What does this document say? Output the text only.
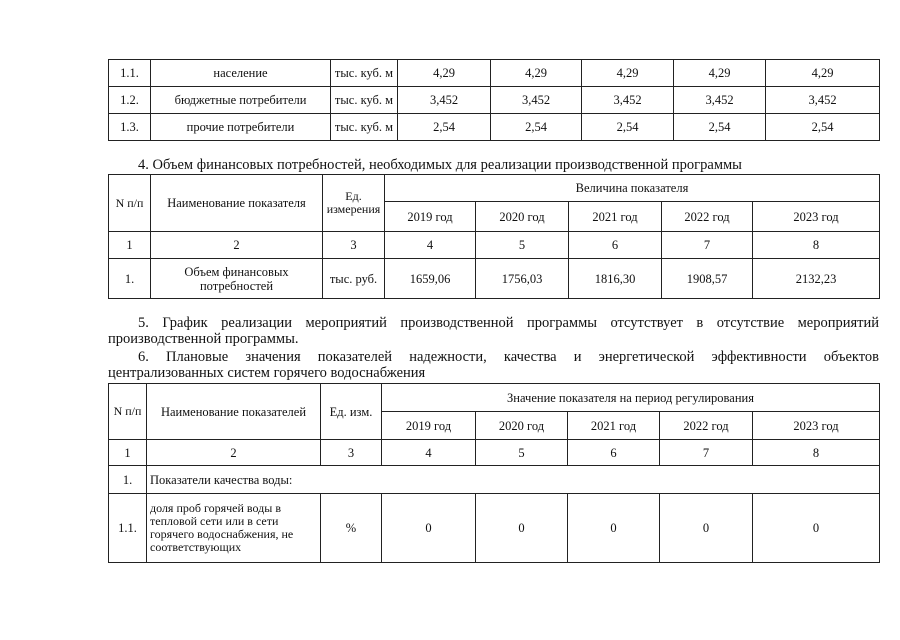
1.1.	население	тыс. куб. м	4,29	4,29	4,29	4,29	4,29
1.2.	бюджетные потребители	тыс. куб. м	3,452	3,452	3,452	3,452	3,452
1.3.	прочие потребители	тыс. куб. м	2,54	2,54	2,54	2,54	2,54

4. Объем финансовых потребностей, необходимых для реализации производственной программы

N п/п	Наименование показателя	Ед. измерения	Величина показателя				
			2019 год	2020 год	2021 год	2022 год	2023 год
1	2	3	4	5	6	7	8
1.	Объем финансовых потребностей	тыс. руб.	1659,06	1756,03	1816,30	1908,57	2132,23
5. График реализации мероприятий производственной программы отсутствует в отсутствие мероприятий
производственной программы.
6. Плановые значения показателей надежности, качества и энергетической эффективности объектов
централизованных систем горячего водоснабжения
N п/п	Наименование показателей	Ед. изм.	Значение показателя на период регулирования				
			2019 год	2020 год	2021 год	2022 год	2023 год
1	2	3	4	5	6	7	8
1.	Показатели качества воды:						
1.1.	доля проб горячей воды в тепловой сети или в сети горячего водоснабжения, не соответствующих	%	0	0	0	0	0
